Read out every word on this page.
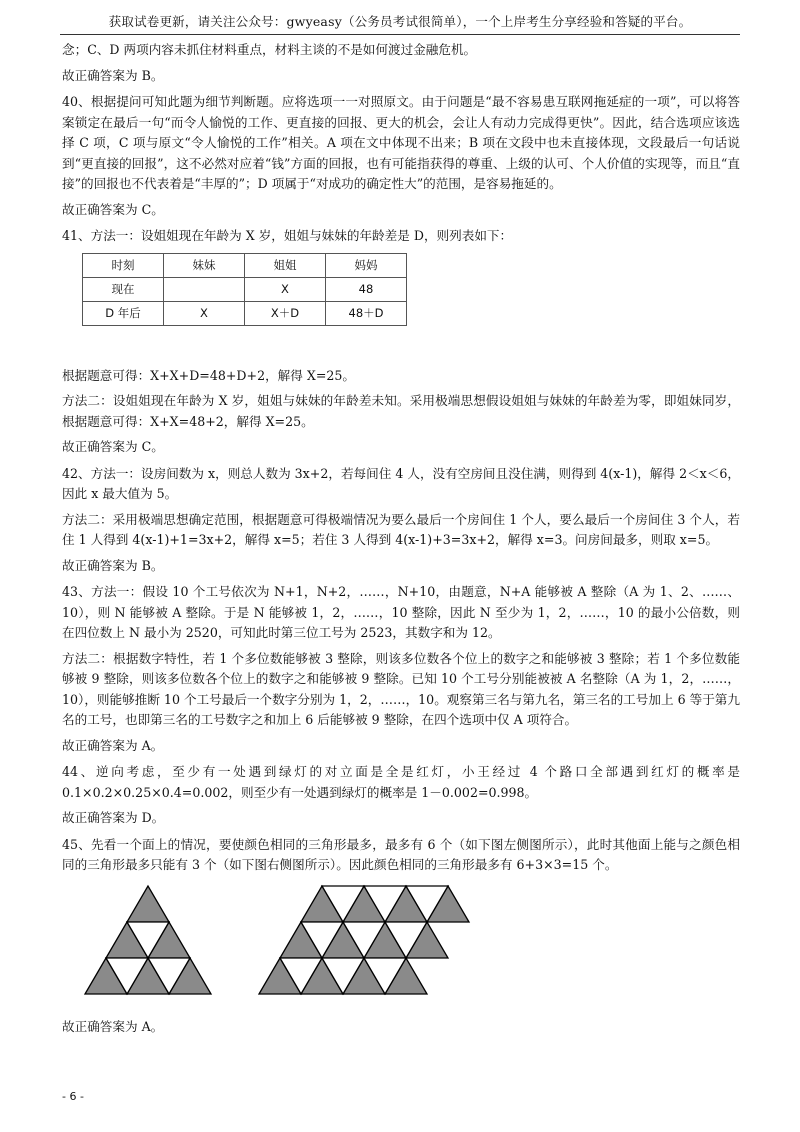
获取试卷更新，请关注公众号：gwyeasy（公务员考试很简单），一个上岸考生分享经验和答疑的平台。

念；C、D 两项内容未抓住材料重点，材料主谈的不是如何渡过金融危机。

故正确答案为 B。

40、根据提问可知此题为细节判断题。应将选项一一对照原文。由于问题是“最不容易患互联网拖延症的一项”，可以将答案锁定在最后一句“而令人愉悦的工作、更直接的回报、更大的机会，会让人有动力完成得更快”。因此，结合选项应该选择 C 项，C 项与原文“令人愉悦的工作”相关。A 项在文中体现不出来；B 项在文段中也未直接体现，文段最后一句话说到“更直接的回报”，这不必然对应着“钱”方面的回报，也有可能指获得的尊重、上级的认可、个人价值的实现等，而且“直接”的回报也不代表着是“丰厚的”；D 项属于“对成功的确定性大”的范围，是容易拖延的。

故正确答案为 C。

41、方法一：设姐姐现在年龄为 X 岁，姐姐与妹妹的年龄差是 D，则列表如下：

时刻	妹妹	姐姐	妈妈
现在		X	48
D 年后	X	X＋D	48＋D

根据题意可得：X+X+D=48+D+2，解得 X=25。

方法二：设姐姐现在年龄为 X 岁，姐姐与妹妹的年龄差未知。采用极端思想假设姐姐与妹妹的年龄差为零，即姐妹同岁，根据题意可得：X+X=48+2，解得 X=25。

故正确答案为 C。

42、方法一：设房间数为 x，则总人数为 3x+2，若每间住 4 人，没有空房间且没住满，则得到 4(x-1)，解得 2＜x＜6，因此 x 最大值为 5。

方法二：采用极端思想确定范围，根据题意可得极端情况为要么最后一个房间住 1 个人，要么最后一个房间住 3 个人，若住 1 人得到 4(x-1)+1=3x+2，解得 x=5；若住 3 人得到 4(x-1)+3=3x+2，解得 x=3。问房间最多，则取 x=5。

故正确答案为 B。

43、方法一：假设 10 个工号依次为 N+1，N+2，……，N+10，由题意，N+A 能够被 A 整除（A 为 1、2、……、10），则 N 能够被 A 整除。于是 N 能够被 1，2，……，10 整除，因此 N 至少为 1，2，……，10 的最小公倍数，则在四位数上 N 最小为 2520，可知此时第三位工号为 2523，其数字和为 12。

方法二：根据数字特性，若 1 个多位数能够被 3 整除，则该多位数各个位上的数字之和能够被 3 整除；若 1 个多位数能够被 9 整除，则该多位数各个位上的数字之和能够被 9 整除。已知 10 个工号分别能被被 A 名整除（A 为 1，2，……，10），则能够推断 10 个工号最后一个数字分别为 1，2，……，10。观察第三名与第九名，第三名的工号加上 6 等于第九名的工号，也即第三名的工号数字之和加上 6 后能够被 9 整除，在四个选项中仅 A 项符合。

故正确答案为 A。

44、逆向考虑，至少有一处遇到绿灯的对立面是全是红灯，小王经过 4 个路口全部遇到红灯的概率是 0.1×0.2×0.25×0.4=0.002，则至少有一处遇到绿灯的概率是 1－0.002=0.998。

故正确答案为 D。

45、先看一个面上的情况，要使颜色相同的三角形最多，最多有 6 个（如下图左侧图所示），此时其他面上能与之颜色相同的三角形最多只能有 3 个（如下图右侧图所示）。因此颜色相同的三角形最多有 6+3×3=15 个。

故正确答案为 A。

- 6 -
